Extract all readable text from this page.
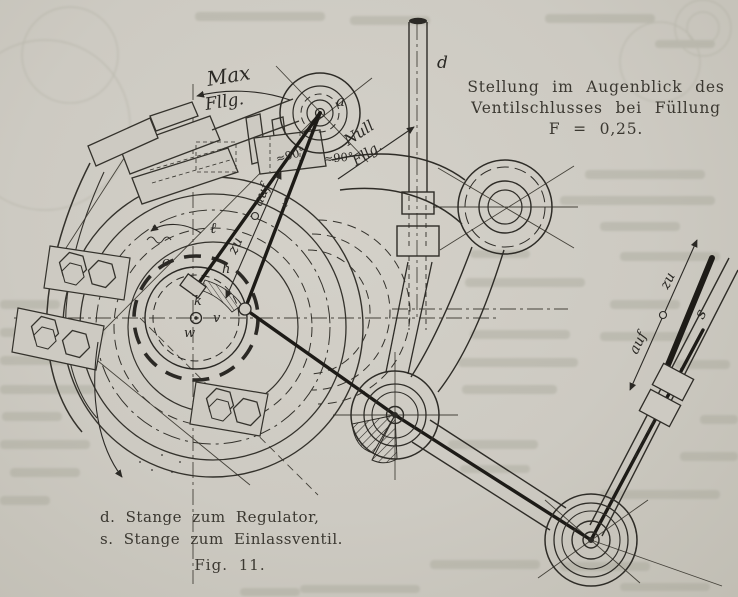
Max
Fllg.
Null
Fllg.
auf
zu
zu
auf
≈90° ≈90°
d
s
a
ℓ
ℓ
h
c
k
v
w
Stellung im Augenblick des
Ventilschlusses bei Füllung
F = 0,25.
d. Stange zum Regulator,
s. Stange zum Einlassventil.
Fig. 11.
